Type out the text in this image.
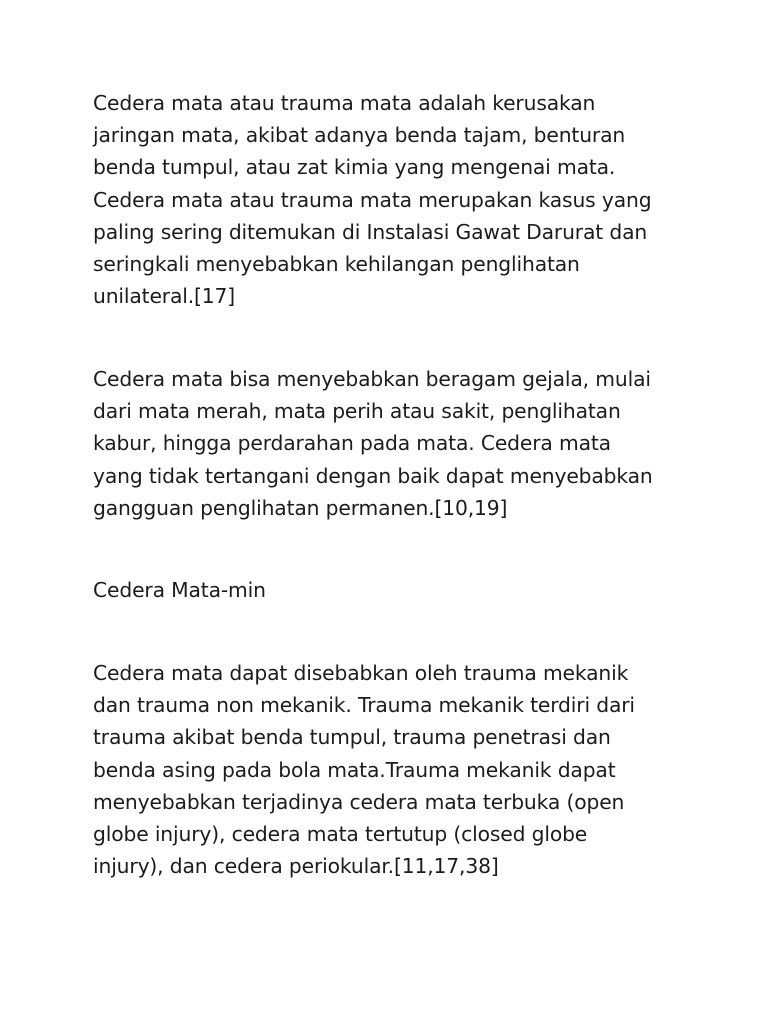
Cedera mata atau trauma mata adalah kerusakan
jaringan mata, akibat adanya benda tajam, benturan
benda tumpul, atau zat kimia yang mengenai mata.
Cedera mata atau trauma mata merupakan kasus yang
paling sering ditemukan di Instalasi Gawat Darurat dan
seringkali menyebabkan kehilangan penglihatan
unilateral.[17]

Cedera mata bisa menyebabkan beragam gejala, mulai
dari mata merah, mata perih atau sakit, penglihatan
kabur, hingga perdarahan pada mata. Cedera mata
yang tidak tertangani dengan baik dapat menyebabkan
gangguan penglihatan permanen.[10,19]

Cedera Mata-min

Cedera mata dapat disebabkan oleh trauma mekanik
dan trauma non mekanik. Trauma mekanik terdiri dari
trauma akibat benda tumpul, trauma penetrasi dan
benda asing pada bola mata.Trauma mekanik dapat
menyebabkan terjadinya cedera mata terbuka (open
globe injury), cedera mata tertutup (closed globe
injury), dan cedera periokular.[11,17,38]
